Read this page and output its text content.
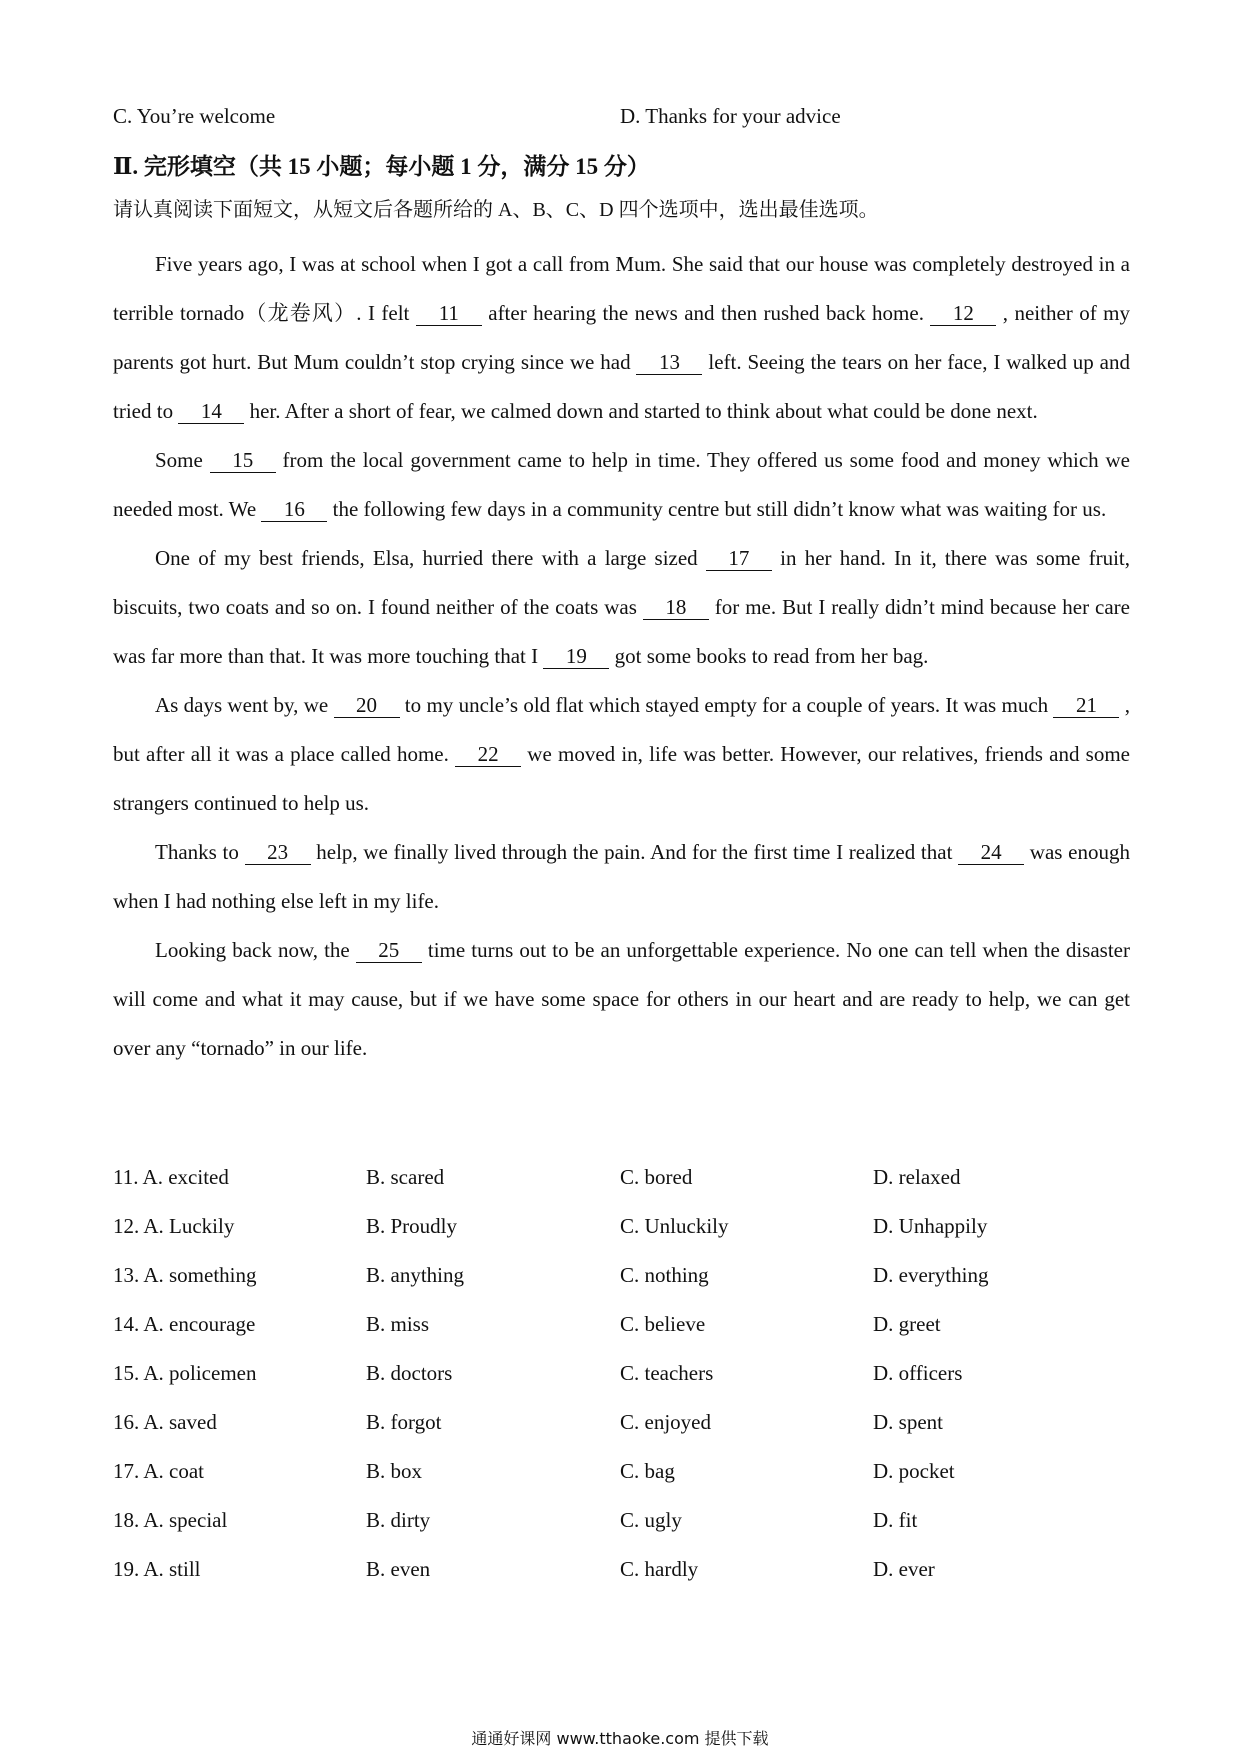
C. You’re welcome	D. Thanks for your advice
Ⅱ. 完形填空（共 15 小题；每小题 1 分，满分 15 分）
请认真阅读下面短文，从短文后各题所给的 A、B、C、D 四个选项中，选出最佳选项。

Five years ago, I was at school when I got a call from Mum. She said that our house was completely destroyed in a terrible tornado（龙卷风）. I felt 11 after hearing the news and then rushed back home. 12 , neither of my parents got hurt. But Mum couldn’t stop crying since we had 13 left. Seeing the tears on her face, I walked up and tried to 14 her. After a short of fear, we calmed down and started to think about what could be done next.

Some 15 from the local government came to help in time. They offered us some food and money which we needed most. We 16 the following few days in a community centre but still didn’t know what was waiting for us.

One of my best friends, Elsa, hurried there with a large sized 17 in her hand. In it, there was some fruit, biscuits, two coats and so on. I found neither of the coats was 18 for me. But I really didn’t mind because her care was far more than that. It was more touching that I 19 got some books to read from her bag.

As days went by, we 20 to my uncle’s old flat which stayed empty for a couple of years. It was much 21 , but after all it was a place called home. 22 we moved in, life was better. However, our relatives, friends and some strangers continued to help us.

Thanks to 23 help, we finally lived through the pain. And for the first time I realized that 24 was enough when I had nothing else left in my life.

Looking back now, the 25 time turns out to be an unforgettable experience. No one can tell when the disaster will come and what it may cause, but if we have some space for others in our heart and are ready to help, we can get over any “tornado” in our life.

11. A. excited	B. scared	C. bored	D. relaxed
12. A. Luckily	B. Proudly	C. Unluckily	D. Unhappily
13. A. something	B. anything	C. nothing	D. everything
14. A. encourage	B. miss	C. believe	D. greet
15. A. policemen	B. doctors	C. teachers	D. officers
16. A. saved	B. forgot	C. enjoyed	D. spent
17. A. coat	B. box	C. bag	D. pocket
18. A. special	B. dirty	C. ugly	D. fit
19. A. still	B. even	C. hardly	D. ever
通通好课网 www.tthaoke.com 提供下载
